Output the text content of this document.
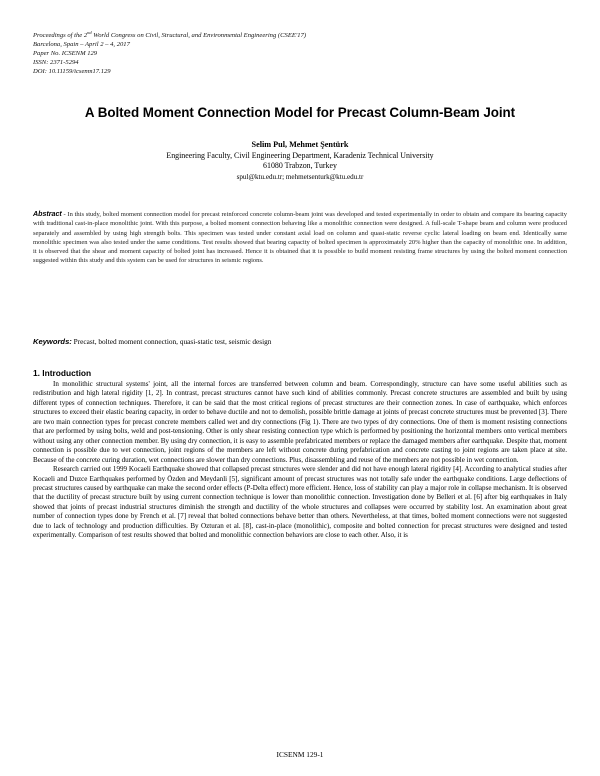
Proceedings of the 2nd World Congress on Civil, Structural, and Environmental Engineering (CSEE'17)
Barcelona, Spain – April 2 – 4, 2017
Paper No. ICSENM 129
ISSN: 2371-5294
DOI: 10.11159/icsenm17.129
A Bolted Moment Connection Model for Precast Column-Beam Joint
Selim Pul, Mehmet Şentürk
Engineering Faculty, Civil Engineering Department, Karadeniz Technical University
61080 Trabzon, Turkey
spul@ktu.edu.tr; mehmetsenturk@ktu.edu.tr
Abstract - In this study, bolted moment connection model for precast reinforced concrete column-beam joint was developed and tested experimentally in order to obtain and compare its bearing capacity with traditional cast-in-place monolithic joint. With this purpose, a bolted moment connection behaving like a monolithic connection were designed. A full-scale T-shape beam and column were produced separately and assembled by using high strength bolts. This specimen was tested under constant axial load on column and quasi-static reverse cyclic lateral loading on beam end. Identically same monolithic specimen was also tested under the same conditions. Test results showed that bearing capacity of bolted specimen is approximately 20% higher than the capacity of monolithic one. In addition, it is observed that the shear and moment capacity of bolted joint has increased. Hence it is obtained that it is possible to build moment resisting frame structures by using the bolted moment connection suggested within this study and this system can be used for structures in seismic regions.
Keywords: Precast, bolted moment connection, quasi-static test, seismic design
1. Introduction

In monolithic structural systems' joint, all the internal forces are transferred between column and beam. Correspondingly, structure can have some useful abilities such as redistribution and high lateral rigidity [1, 2]. In contrast, precast structures cannot have such kind of abilities commonly. Precast concrete structures are assembled and built by using different types of connection techniques. Therefore, it can be said that the most critical regions of precast structures are their connection zones. In case of earthquake, which enforces structures to exceed their elastic bearing capacity, in order to behave ductile and not to demolish, possible brittle damage at joints of precast concrete structures must be prevented [3]. There are two main connection types for precast concrete members called wet and dry connections (Fig 1). There are two types of dry connections. One of them is moment resisting connections that are performed by using bolts, weld and post-tensioning. Other is only shear resisting connection type which is performed by positioning the horizontal members onto vertical members without using any other connection member. By using dry connection, it is easy to assemble prefabricated members or replace the damaged members after earthquake. Despite that, moment connection is possible due to wet connection, joint regions of the members are left without concrete during prefabrication and concrete casting to joint regions are taken place at site. Because of the concrete curing duration, wet connections are slower than dry connections. Plus, disassembling and reuse of the members are not possible in wet connection.

Research carried out 1999 Kocaeli Earthquake showed that collapsed precast structures were slender and did not have enough lateral rigidity [4]. According to analytical studies after Kocaeli and Duzce Earthquakes performed by Özden and Meydanli [5], significant amount of precast structures was not totally safe under the earthquake conditions. Large deflections of precast structures caused by earthquake can make the second order effects (P-Delta effect) more efficient. Hence, loss of stability can play a major role in collapse mechanism. It is observed that the ductility of precast structure built by using current connection technique is lower than monolithic connection. Investigation done by Belleri et al. [6] after big earthquakes in Italy showed that joints of precast industrial structures diminish the strength and ductility of the whole structures and collapses were occurred by stability lost. An examination about great number of connection types done by French et al. [7] reveal that bolted connections behave better than others. Nevertheless, at that times, bolted moment connections were not suggested due to lack of technology and production difficulties. By Ozturan et al. [8], cast-in-place (monolithic), composite and bolted connection for precast structures were designed and tested experimentally. Comparison of test results showed that bolted and monolithic connection behaviors are close to each other. Also, it is

ICSENM 129-1
